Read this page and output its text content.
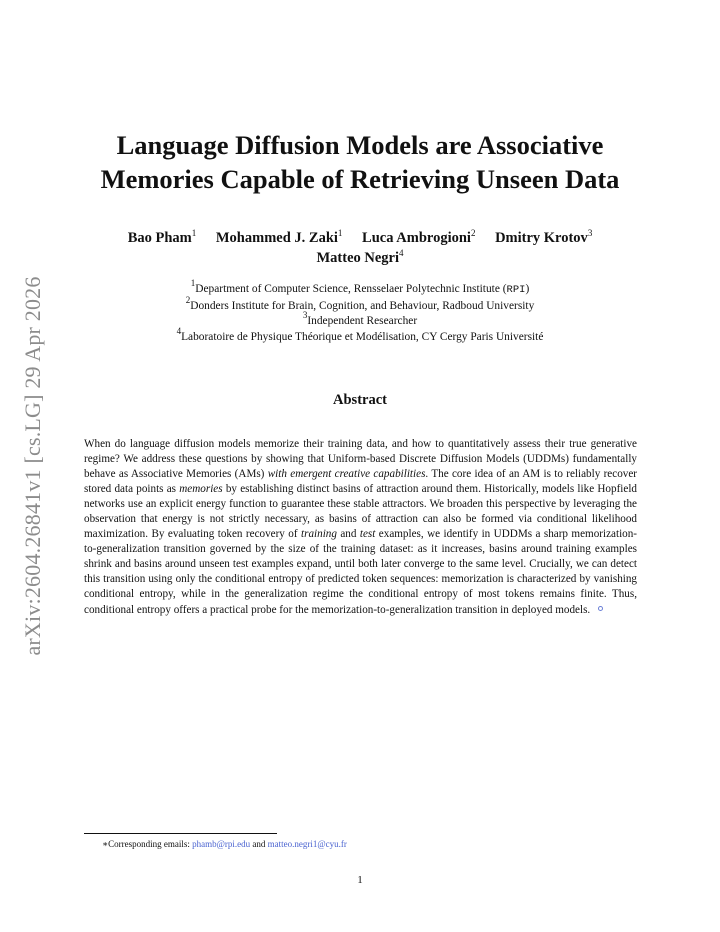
arXiv:2604.26841v1 [cs.LG] 29 Apr 2026
Language Diffusion Models are Associative
Memories Capable of Retrieving Unseen Data
Bao Pham$^1$ Mohammed J. Zaki$^1$ Luca Ambrogioni$^2$ Dmitry Krotov$^3$
Matteo Negri$^4$
$^1$Department of Computer Science, Rensselaer Polytechnic Institute (RPI)
$^2$Donders Institute for Brain, Cognition, and Behaviour, Radboud University
$^3$Independent Researcher
$^4$Laboratoire de Physique Théorique et Modélisation, CY Cergy Paris Université
Abstract
When do language diffusion models memorize their training data, and how to quantitatively assess their true generative regime? We address these questions by showing that Uniform-based Discrete Diffusion Models (UDDMs) fundamentally behave as Associative Memories (AMs) with emergent creative capabilities. The core idea of an AM is to reliably recover stored data points as memories by establishing distinct basins of attraction around them. Historically, models like Hopfield networks use an explicit energy function to guarantee these stable attractors. We broaden this perspective by leveraging the observation that energy is not strictly necessary, as basins of attraction can also be formed via conditional likelihood maximization. By evaluating token recovery of training and test examples, we identify in UDDMs a sharp memorization-to-generalization transition governed by the size of the training dataset: as it increases, basins around training examples shrink and basins around unseen test examples expand, until both later converge to the same level. Crucially, we can detect this transition using only the conditional entropy of predicted token sequences: memorization is characterized by vanishing conditional entropy, while in the generalization regime the conditional entropy of most tokens remains finite. Thus, conditional entropy offers a practical probe for the memorization-to-generalization transition in deployed models.
∗Corresponding emails: phamb@rpi.edu and matteo.negri1@cyu.fr
1
